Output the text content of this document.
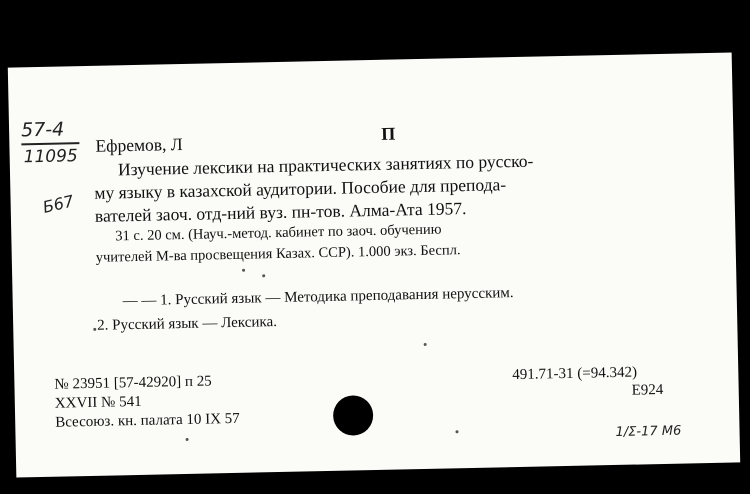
57-4
11095
Б67
Ефремов, Л
П
Изучение лексики на практических занятиях по русско-
му языку в казахской аудитории. Пособие для препода-
вателей заоч. отд-ний вуз. пн-тов. Алма-Ата 1957.
31 с. 20 см. (Науч.-метод. кабинет по заоч. обучению
учителей М-ва просвещения Казах. ССР). 1.000 экз. Беспл.
— — 1. Русский язык — Методика преподавания нерусским.
2. Русский язык — Лексика.
№ 23951 [57-42920] п 25
XXVII № 541
Всесоюз. кн. палата 10 IX 57
491.71-31 (=94.342)
Е924
1/Σ-17 М6
